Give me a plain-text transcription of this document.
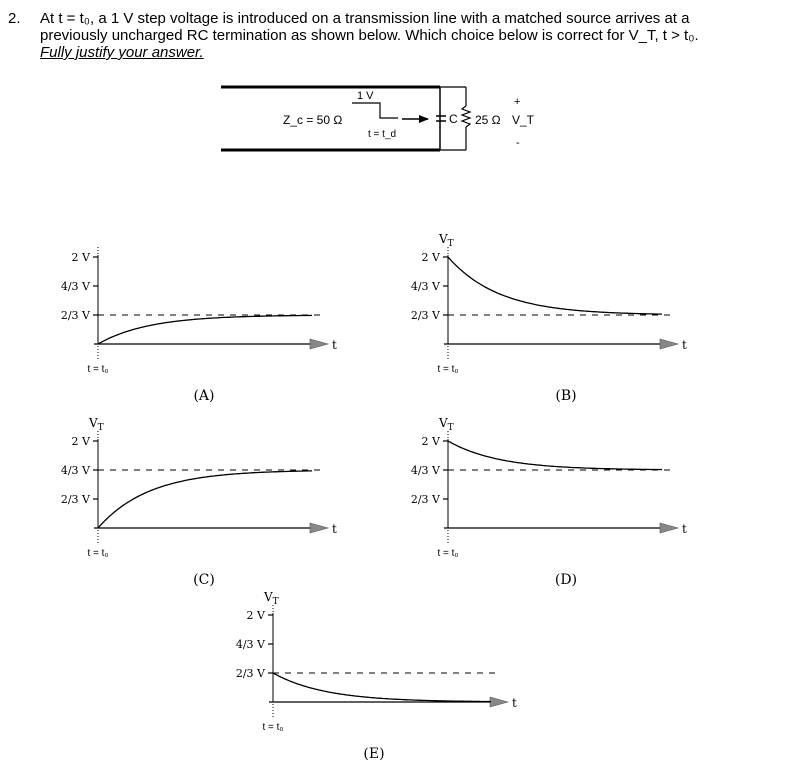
2. At t = t₀, a 1 V step voltage is introduced on a transmission line with a matched source arrives at a
previously uncharged RC termination as shown below. Which choice below is correct for V_T, t > t₀.
Fully justify your answer.
Z_c = 50 Ω
1 V
t = t_d
C 25 Ω V_T
+
-
t
2 V
4/3 V
2/3 V
t = t₀
(A)
t
$V_T$
2 V
4/3 V
2/3 V
t = t₀
(B)
t
$V_T$
2 V
4/3 V
2/3 V
t = t₀
(C)
t
$V_T$
2 V
4/3 V
2/3 V
t = t₀
(D)
t
$V_T$
2 V
4/3 V
2/3 V
t = t₀
(E)
